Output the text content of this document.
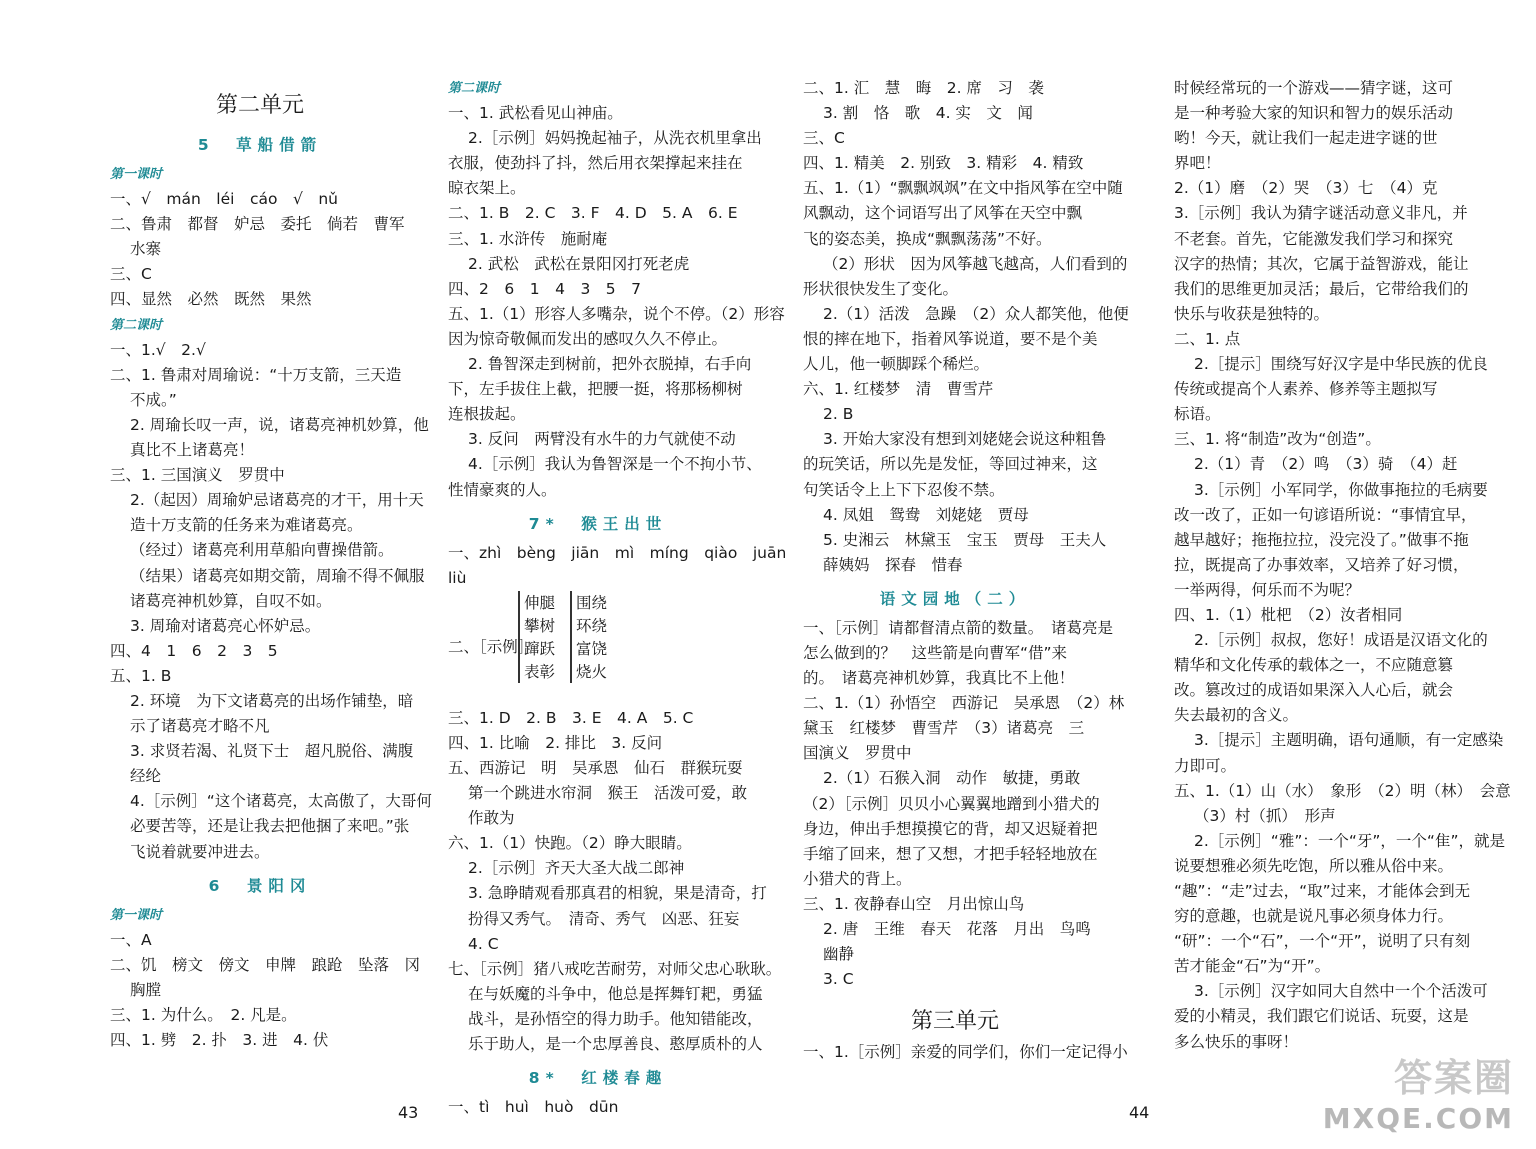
第二单元
5　草船借箭
第一课时
一、√　mán　léi　cáo　√　nǔ
二、鲁肃　都督　妒忌　委托　倘若　曹军
水寨
三、C
四、显然　必然　既然　果然
第二课时
一、1.√　2.√
二、1. 鲁肃对周瑜说：“十万支箭，三天造
不成。”
2. 周瑜长叹一声，说，诸葛亮神机妙算，他
真比不上诸葛亮！
三、1. 三国演义　罗贯中
2.（起因）周瑜妒忌诸葛亮的才干，用十天
造十万支箭的任务来为难诸葛亮。
（经过）诸葛亮利用草船向曹操借箭。
（结果）诸葛亮如期交箭，周瑜不得不佩服
诸葛亮神机妙算，自叹不如。
3. 周瑜对诸葛亮心怀妒忌。
四、4　1　6　2　3　5
五、1. B
2. 环境　为下文诸葛亮的出场作铺垫，暗
示了诸葛亮才略不凡
3. 求贤若渴、礼贤下士　超凡脱俗、满腹
经纶
4.［示例］“这个诸葛亮，太高傲了，大哥何
必要苦等，还是让我去把他捆了来吧。”张
飞说着就要冲进去。
6　景阳冈
第一课时
一、A
二、饥　榜文　傍文　申牌　踉跄　坠落　冈
胸膛
三、1. 为什么。　2. 凡是。
四、1. 劈　2. 扑　3. 进　4. 伏
第二课时
一、1. 武松看见山神庙。
2.［示例］妈妈挽起袖子，从洗衣机里拿出
衣服，使劲抖了抖，然后用衣架撑起来挂在
晾衣架上。
二、1. B　2. C　3. F　4. D　5. A　6. E
三、1. 水浒传　施耐庵
2. 武松　武松在景阳冈打死老虎
四、2　6　1　4　3　5　7
五、1.（1）形容人多嘴杂，说个不停。（2）形容
因为惊奇敬佩而发出的感叹久久不停止。
2. 鲁智深走到树前，把外衣脱掉，右手向
下，左手拔住上截，把腰一挺，将那杨柳树
连根拔起。
3. 反问　两臂没有水牛的力气就使不动
4.［示例］我认为鲁智深是一个不拘小节、
性情豪爽的人。
7*　猴王出世
一、zhì　bèng　jiān　mì　míng　qiào　juān
liù
二、［示例］
伸腿
攀树
蹿跃
表彰
围绕
环绕
富饶
烧火
三、1. D　2. B　3. E　4. A　5. C
四、1. 比喻　2. 排比　3. 反问
五、西游记　明　吴承恩　仙石　群猴玩耍
第一个跳进水帘洞　猴王　活泼可爱，敢
作敢为
六、1.（1）快跑。（2）睁大眼睛。
2.［示例］齐天大圣大战二郎神
3. 急睁睛观看那真君的相貌，果是清奇，打
扮得又秀气。　清奇、秀气　凶恶、狂妄
4. C
七、［示例］猪八戒吃苦耐劳，对师父忠心耿耿。
在与妖魔的斗争中，他总是挥舞钉耙，勇猛
战斗，是孙悟空的得力助手。他知错能改，
乐于助人，是一个忠厚善良、憨厚质朴的人
8*　红楼春趣
一、tì　huì　huò　dūn
二、1. 汇　慧　晦　2. 席　习　袭
3. 割　恪　歌　4. 实　文　闻
三、C
四、1. 精美　2. 别致　3. 精彩　4. 精致
五、1.（1）“飘飘飒飒”在文中指风筝在空中随
风飘动，这个词语写出了风筝在天空中飘
飞的姿态美，换成“飘飘荡荡”不好。
（2）形状　因为风筝越飞越高，人们看到的
形状很快发生了变化。
2.（1）活泼　急躁　（2）众人都笑他，他便
恨的摔在地下，指着风筝说道，要不是个美
人儿，他一顿脚踩个稀烂。
六、1. 红楼梦　清　曹雪芹
2. B
3. 开始大家没有想到刘姥姥会说这种粗鲁
的玩笑话，所以先是发怔，等回过神来，这
句笑话令上上下下忍俊不禁。
4. 凤姐　鸳鸯　刘姥姥　贾母
5. 史湘云　林黛玉　宝玉　贾母　王夫人
薛姨妈　探春　惜春
语文园地（二）
一、［示例］请都督清点箭的数量。　诸葛亮是
怎么做到的？　这些箭是向曹军“借”来
的。　诸葛亮神机妙算，我真比不上他！
二、1.（1）孙悟空　西游记　吴承恩　（2）林
黛玉　红楼梦　曹雪芹　（3）诸葛亮　三
国演义　罗贯中
2.（1）石猴入洞　动作　敏捷，勇敢
（2）［示例］贝贝小心翼翼地蹭到小猎犬的
身边，伸出手想摸摸它的背，却又迟疑着把
手缩了回来，想了又想，才把手轻轻地放在
小猎犬的背上。
三、1. 夜静春山空　月出惊山鸟
2. 唐　王维　春天　花落　月出　鸟鸣
幽静
3. C
第三单元
一、1.［示例］亲爱的同学们，你们一定记得小
时候经常玩的一个游戏——猜字谜，这可
是一种考验大家的知识和智力的娱乐活动
哟！今天，就让我们一起走进字谜的世
界吧！
2.（1）磨　（2）哭　（3）七　（4）克
3.［示例］我认为猜字谜活动意义非凡，并
不老套。首先，它能激发我们学习和探究
汉字的热情；其次，它属于益智游戏，能让
我们的思维更加灵活；最后，它带给我们的
快乐与收获是独特的。
二、1. 点
2.［提示］围绕写好汉字是中华民族的优良
传统或提高个人素养、修养等主题拟写
标语。
三、1. 将“制造”改为“创造”。
2.（1）青　（2）鸣　（3）骑　（4）赶
3.［示例］小军同学，你做事拖拉的毛病要
改一改了，正如一句谚语所说：“事情宜早，
越早越好；拖拖拉拉，没完没了。”做事不拖
拉，既提高了办事效率，又培养了好习惯，
一举两得，何乐而不为呢？
四、1.（1）枇杷　（2）汝者相同
2.［示例］叔叔，您好！成语是汉语文化的
精华和文化传承的载体之一，不应随意篡
改。篡改过的成语如果深入人心后，就会
失去最初的含义。
3.［提示］主题明确，语句通顺，有一定感染
力即可。
五、1.（1）山（水）　象形　（2）明（林）　会意
（3）村（抓）　形声
2.［示例］“雅”：一个“牙”，一个“隹”，就是
说要想雅必须先吃饱，所以雅从俗中来。
“趣”：“走”过去，“取”过来，才能体会到无
穷的意趣，也就是说凡事必须身体力行。
“研”：一个“石”，一个“开”，说明了只有刻
苦才能金“石”为“开”。
3.［示例］汉字如同大自然中一个个活泼可
爱的小精灵，我们跟它们说话、玩耍，这是
多么快乐的事呀！
43	44
答案圈
MXQE.COM
